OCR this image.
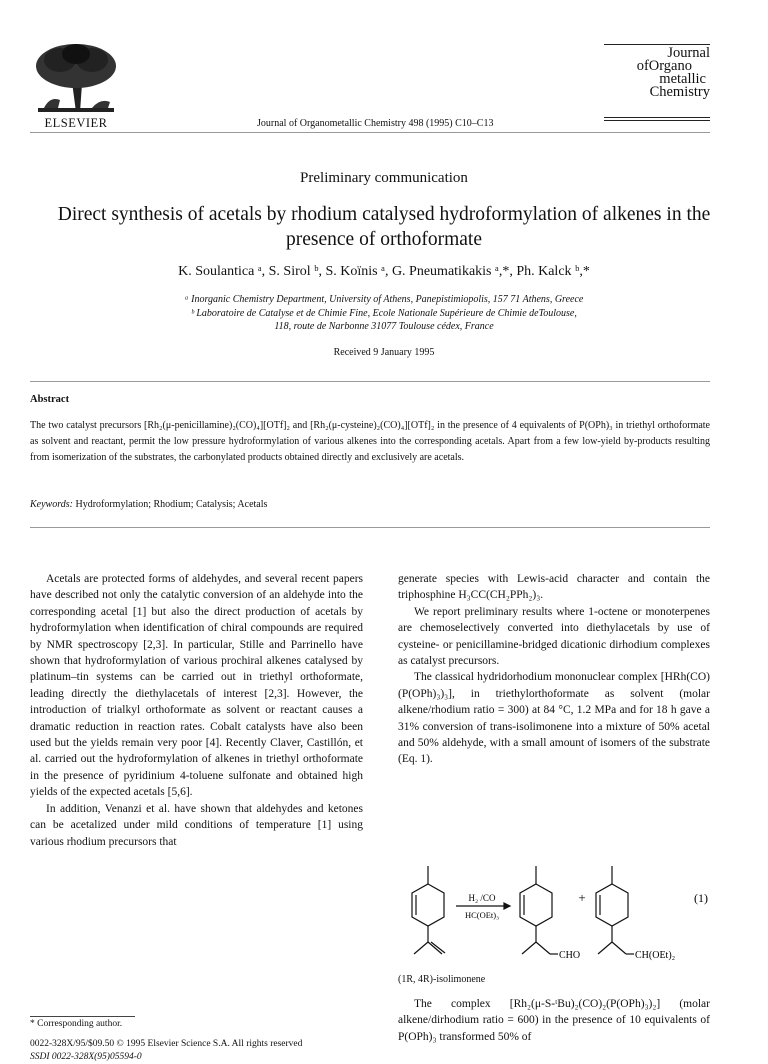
ELSEVIER	Journal of Organometallic Chemistry 498 (1995) C10–C13
Journal
ofOrgano
metallic
Chemistry
Preliminary communication
Direct synthesis of acetals by rhodium catalysed hydroformylation of alkenes in the presence of orthoformate
K. Soulantica ᵃ, S. Sirol ᵇ, S. Koïnis ᵃ, G. Pneumatikakis ᵃ,*, Ph. Kalck ᵇ,*
ᵃ Inorganic Chemistry Department, University of Athens, Panepistimiopolis, 157 71 Athens, Greece
ᵇ Laboratoire de Catalyse et de Chimie Fine, Ecole Nationale Supérieure de Chimie deToulouse,
118, route de Narbonne 31077 Toulouse cédex, France
Received 9 January 1995
Abstract
The two catalyst precursors [Rh₂(μ-penicillamine)₂(CO)₄][OTf]₂ and [Rh₂(μ-cysteine)₂(CO)₄][OTf]₂ in the presence of 4 equivalents of P(OPh)₃ in triethyl orthoformate as solvent and reactant, permit the low pressure hydroformylation of various alkenes into the corresponding acetals. Apart from a few low-yield by-products resulting from isomerization of the substrates, the carbonylated products obtained directly and exclusively are acetals.
Keywords: Hydroformylation; Rhodium; Catalysis; Acetals

Acetals are protected forms of aldehydes, and several recent papers have described not only the catalytic conversion of an aldehyde into the corresponding acetal [1] but also the direct production of acetals by hydroformylation when identification of chiral compounds are required by NMR spectroscopy [2,3]. In particular, Stille and Parrinello have shown that hydroformylation of various prochiral alkenes catalysed by platinum–tin systems can be carried out in triethyl orthoformate, leading directly the diethylacetals of interest [2,3]. However, the introduction of trialkyl orthoformate as solvent or reactant causes a dramatic reduction in reaction rates. Cobalt catalysts have also been used but the yields remain very poor [4]. Recently Claver, Castillón, et al. carried out the hydroformylation of alkenes in triethyl orthoformate in the presence of pyridinium 4-toluene sulfonate and obtained high yields of the expected acetals [5,6].

In addition, Venanzi et al. have shown that aldehydes and ketones can be acetalized under mild conditions of temperature [1] using various rhodium precursors that

generate species with Lewis-acid character and contain the triphosphine H₃CC(CH₂PPh₂)₃.

We report preliminary results where 1-octene or monoterpenes are chemoselectively converted into diethylacetals by use of cysteine- or penicillamine-bridged dicationic dirhodium complexes as catalyst precursors.

The classical hydridorhodium mononuclear complex [HRh(CO)(P(OPh)₃)₃], in triethylorthoformate as solvent (molar alkene/rhodium ratio = 300) at 84 °C, 1.2 MPa and for 18 h gave a 31% conversion of trans-isolimonene into a mixture of 50% acetal and 50% aldehyde, with a small amount of isomers of the substrate (Eq. 1).

H₂ /CO
HC(OEt)₃
+	(1)
CHO	CH(OEt)₂
(1R, 4R)-isolimonene

The complex [Rh₂(μ-S-ᵗBu)₂(CO)₂(P(OPh)₃)₂] (molar alkene/dirhodium ratio = 600) in the presence of 10 equivalents of P(OPh)₃ transformed 50% of

* Corresponding author.
0022-328X/95/$09.50 © 1995 Elsevier Science S.A. All rights reserved
SSDI 0022-328X(95)05594-0
